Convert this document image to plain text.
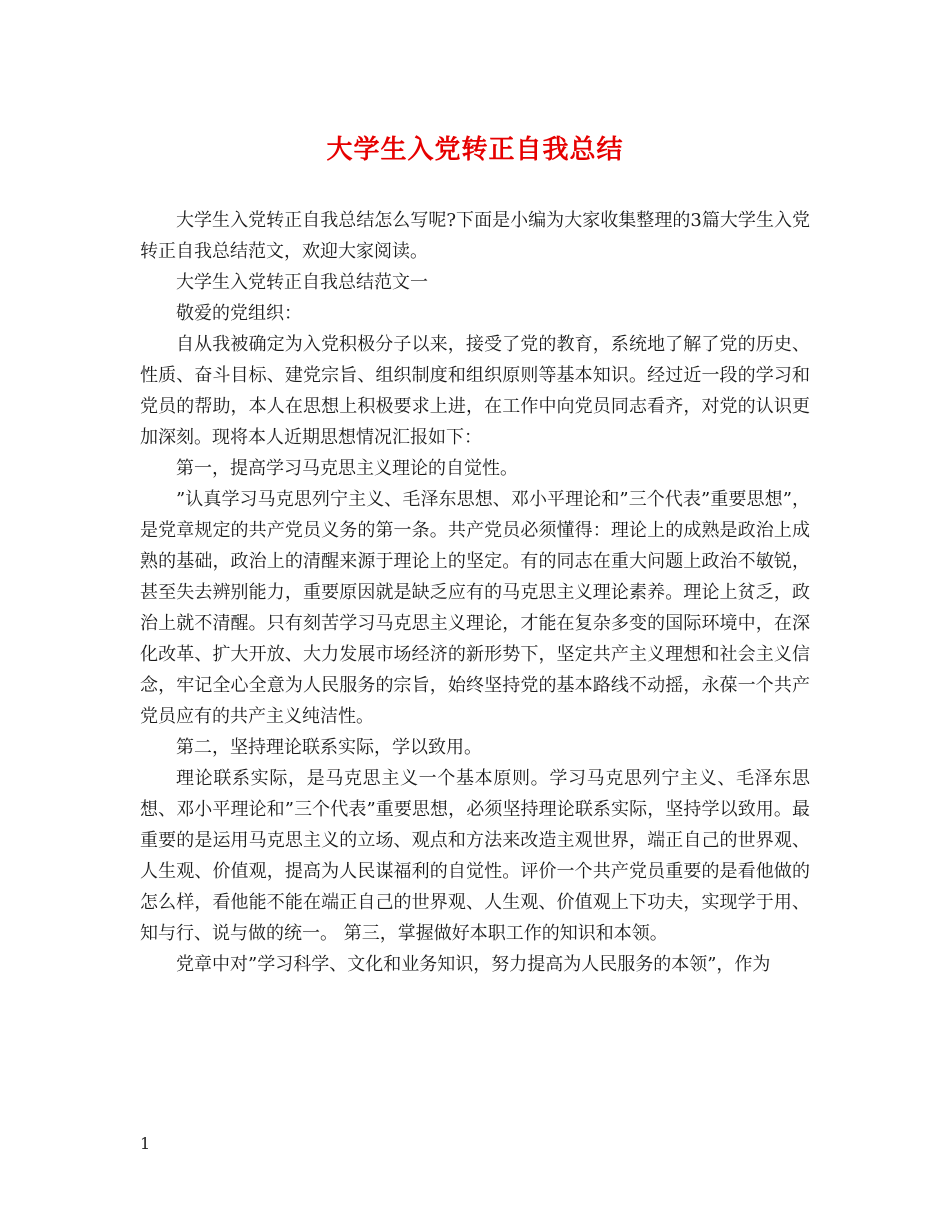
大学生入党转正自我总结

大学生入党转正自我总结怎么写呢?下面是小编为大家收集整理的3篇大学生入党转正自我总结范文，欢迎大家阅读。

大学生入党转正自我总结范文一

敬爱的党组织：

自从我被确定为入党积极分子以来，接受了党的教育，系统地了解了党的历史、性质、奋斗目标、建党宗旨、组织制度和组织原则等基本知识。经过近一段的学习和党员的帮助，本人在思想上积极要求上进，在工作中向党员同志看齐，对党的认识更加深刻。现将本人近期思想情况汇报如下：

第一，提高学习马克思主义理论的自觉性。

”认真学习马克思列宁主义、毛泽东思想、邓小平理论和”三个代表”重要思想”，是党章规定的共产党员义务的第一条。共产党员必须懂得：理论上的成熟是政治上成熟的基础，政治上的清醒来源于理论上的坚定。有的同志在重大问题上政治不敏锐，甚至失去辨别能力，重要原因就是缺乏应有的马克思主义理论素养。理论上贫乏，政治上就不清醒。只有刻苦学习马克思主义理论，才能在复杂多变的国际环境中，在深化改革、扩大开放、大力发展市场经济的新形势下，坚定共产主义理想和社会主义信念，牢记全心全意为人民服务的宗旨，始终坚持党的基本路线不动摇，永葆一个共产党员应有的共产主义纯洁性。

第二，坚持理论联系实际，学以致用。

理论联系实际，是马克思主义一个基本原则。学习马克思列宁主义、毛泽东思想、邓小平理论和”三个代表”重要思想，必须坚持理论联系实际，坚持学以致用。最重要的是运用马克思主义的立场、观点和方法来改造主观世界，端正自己的世界观、人生观、价值观，提高为人民谋福利的自觉性。评价一个共产党员重要的是看他做的怎么样，看他能不能在端正自己的世界观、人生观、价值观上下功夫，实现学于用、知与行、说与做的统一。 第三，掌握做好本职工作的知识和本领。

党章中对”学习科学、文化和业务知识，努力提高为人民服务的本领”，作为

1
